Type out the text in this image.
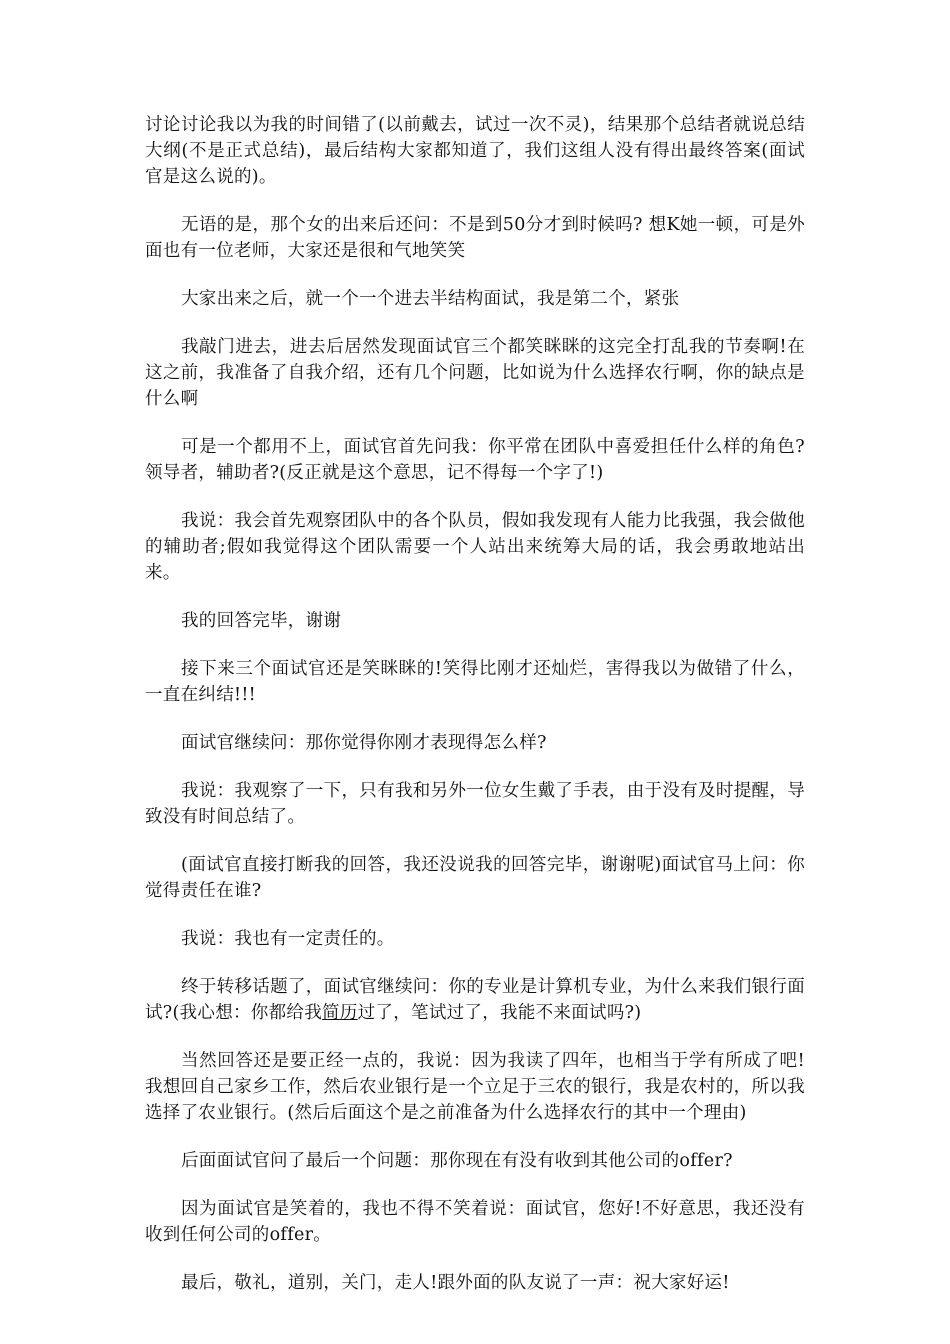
讨论讨论我以为我的时间错了(以前戴去，试过一次不灵)，结果那个总结者就说总结大纲(不是正式总结)，最后结构大家都知道了，我们这组人没有得出最终答案(面试官是这么说的)。

无语的是，那个女的出来后还问：不是到50分才到时候吗? 想K她一顿，可是外面也有一位老师，大家还是很和气地笑笑

大家出来之后，就一个一个进去半结构面试，我是第二个，紧张

我敲门进去，进去后居然发现面试官三个都笑眯眯的这完全打乱我的节奏啊!在这之前，我准备了自我介绍，还有几个问题，比如说为什么选择农行啊，你的缺点是什么啊

可是一个都用不上，面试官首先问我：你平常在团队中喜爱担任什么样的角色?领导者，辅助者?(反正就是这个意思，记不得每一个字了!)

我说：我会首先观察团队中的各个队员，假如我发现有人能力比我强，我会做他的辅助者;假如我觉得这个团队需要一个人站出来统筹大局的话，我会勇敢地站出来。

我的回答完毕，谢谢

接下来三个面试官还是笑眯眯的!笑得比刚才还灿烂，害得我以为做错了什么，一直在纠结!!!

面试官继续问：那你觉得你刚才表现得怎么样?

我说：我观察了一下，只有我和另外一位女生戴了手表，由于没有及时提醒，导致没有时间总结了。

(面试官直接打断我的回答，我还没说我的回答完毕，谢谢呢)面试官马上问：你觉得责任在谁?

我说：我也有一定责任的。

终于转移话题了，面试官继续问：你的专业是计算机专业，为什么来我们银行面试?(我心想：你都给我简历过了，笔试过了，我能不来面试吗?)

当然回答还是要正经一点的，我说：因为我读了四年，也相当于学有所成了吧!我想回自己家乡工作，然后农业银行是一个立足于三农的银行，我是农村的，所以我选择了农业银行。(然后后面这个是之前准备为什么选择农行的其中一个理由)

后面面试官问了最后一个问题：那你现在有没有收到其他公司的offer?

因为面试官是笑着的，我也不得不笑着说：面试官，您好!不好意思，我还没有收到任何公司的offer。

最后，敬礼，道别，关门，走人!跟外面的队友说了一声：祝大家好运!
